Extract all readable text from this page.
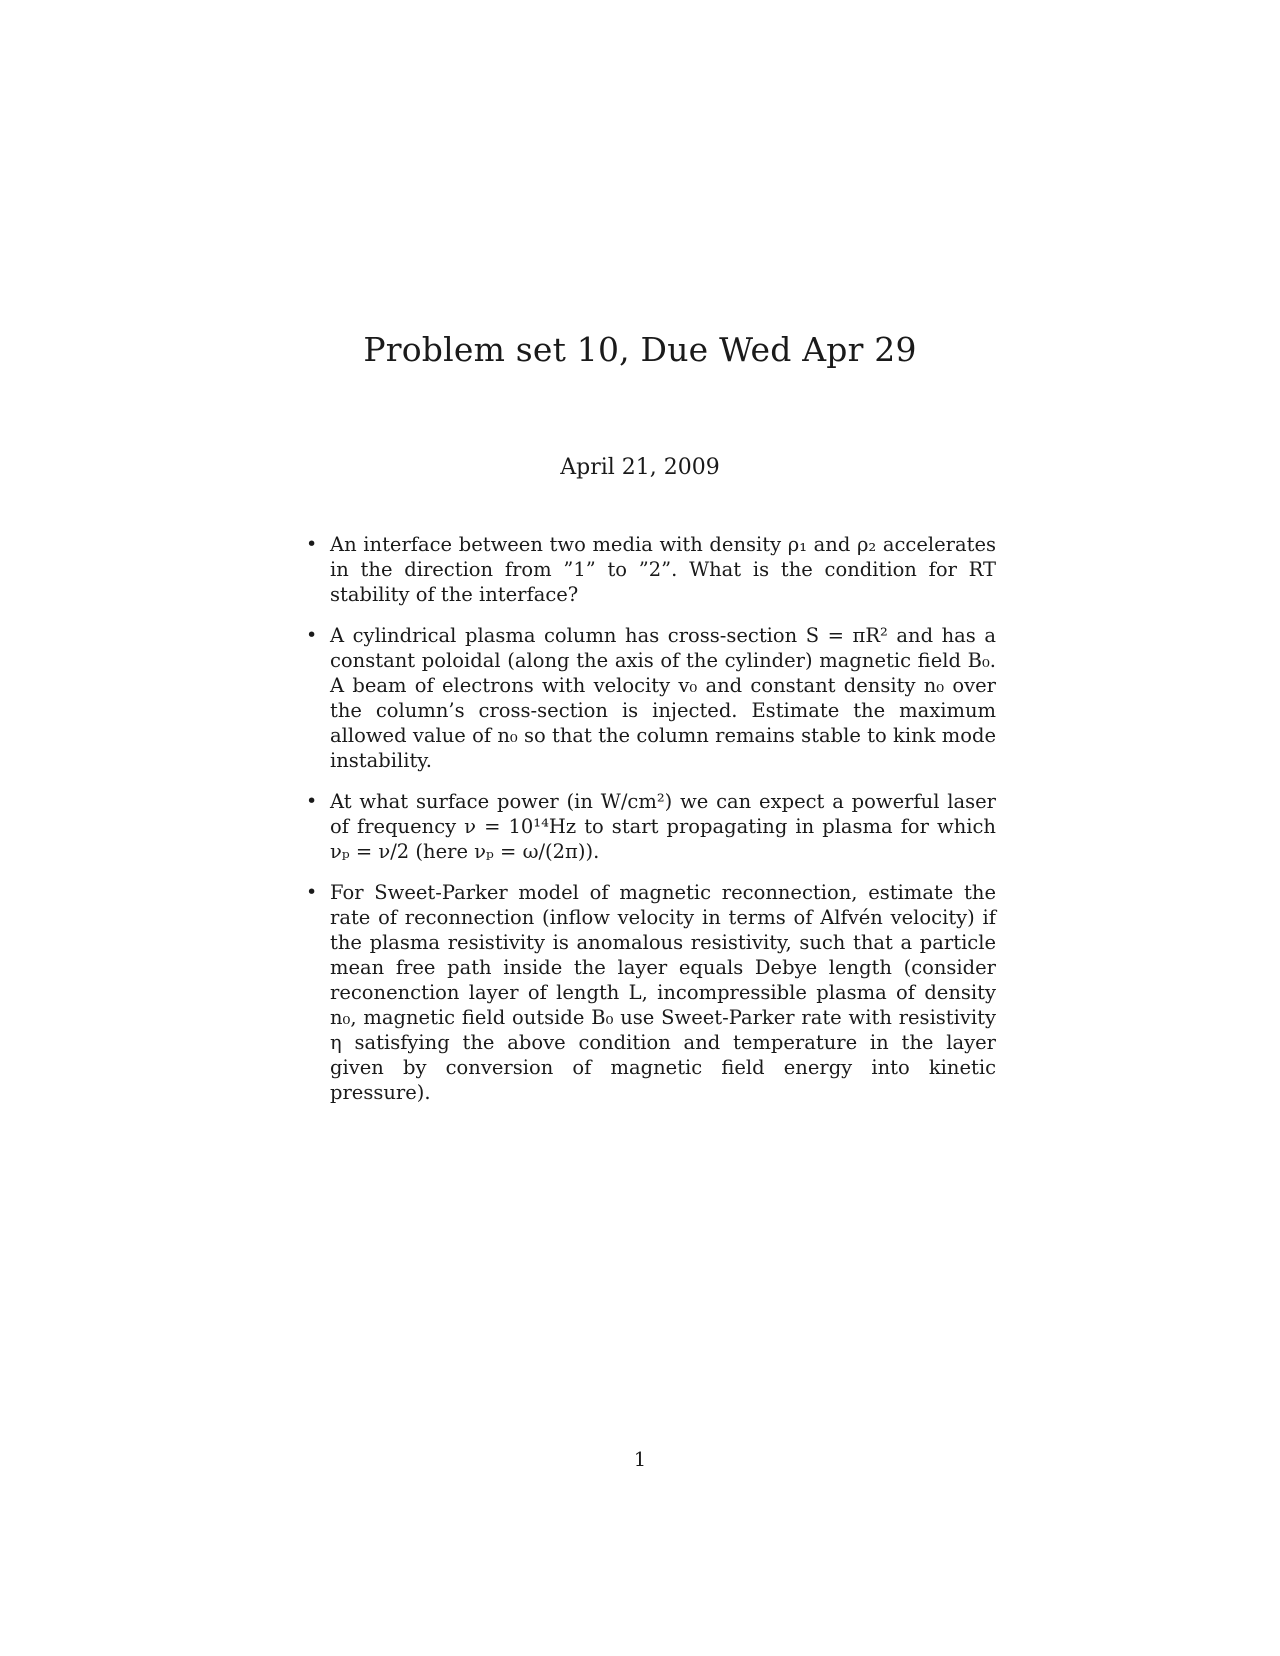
Problem set 10, Due Wed Apr 29
April 21, 2009
• An interface between two media with density ρ₁ and ρ₂ accelerates in the direction from ”1” to ”2”. What is the condition for RT stability of the interface?
• A cylindrical plasma column has cross-section S = πR² and has a constant poloidal (along the axis of the cylinder) magnetic field B₀. A beam of electrons with velocity v₀ and constant density n₀ over the column’s cross-section is injected. Estimate the maximum allowed value of n₀ so that the column remains stable to kink mode instability.
• At what surface power (in W/cm²) we can expect a powerful laser of frequency ν = 10¹⁴Hz to start propagating in plasma for which νₚ = ν/2 (here νₚ = ω/(2π)).
• For Sweet-Parker model of magnetic reconnection, estimate the rate of reconnection (inflow velocity in terms of Alfvén velocity) if the plasma resistivity is anomalous resistivity, such that a particle mean free path inside the layer equals Debye length (consider reconenction layer of length L, incompressible plasma of density n₀, magnetic field outside B₀ use Sweet-Parker rate with resistivity η satisfying the above condition and temperature in the layer given by conversion of magnetic field energy into kinetic pressure).
1
